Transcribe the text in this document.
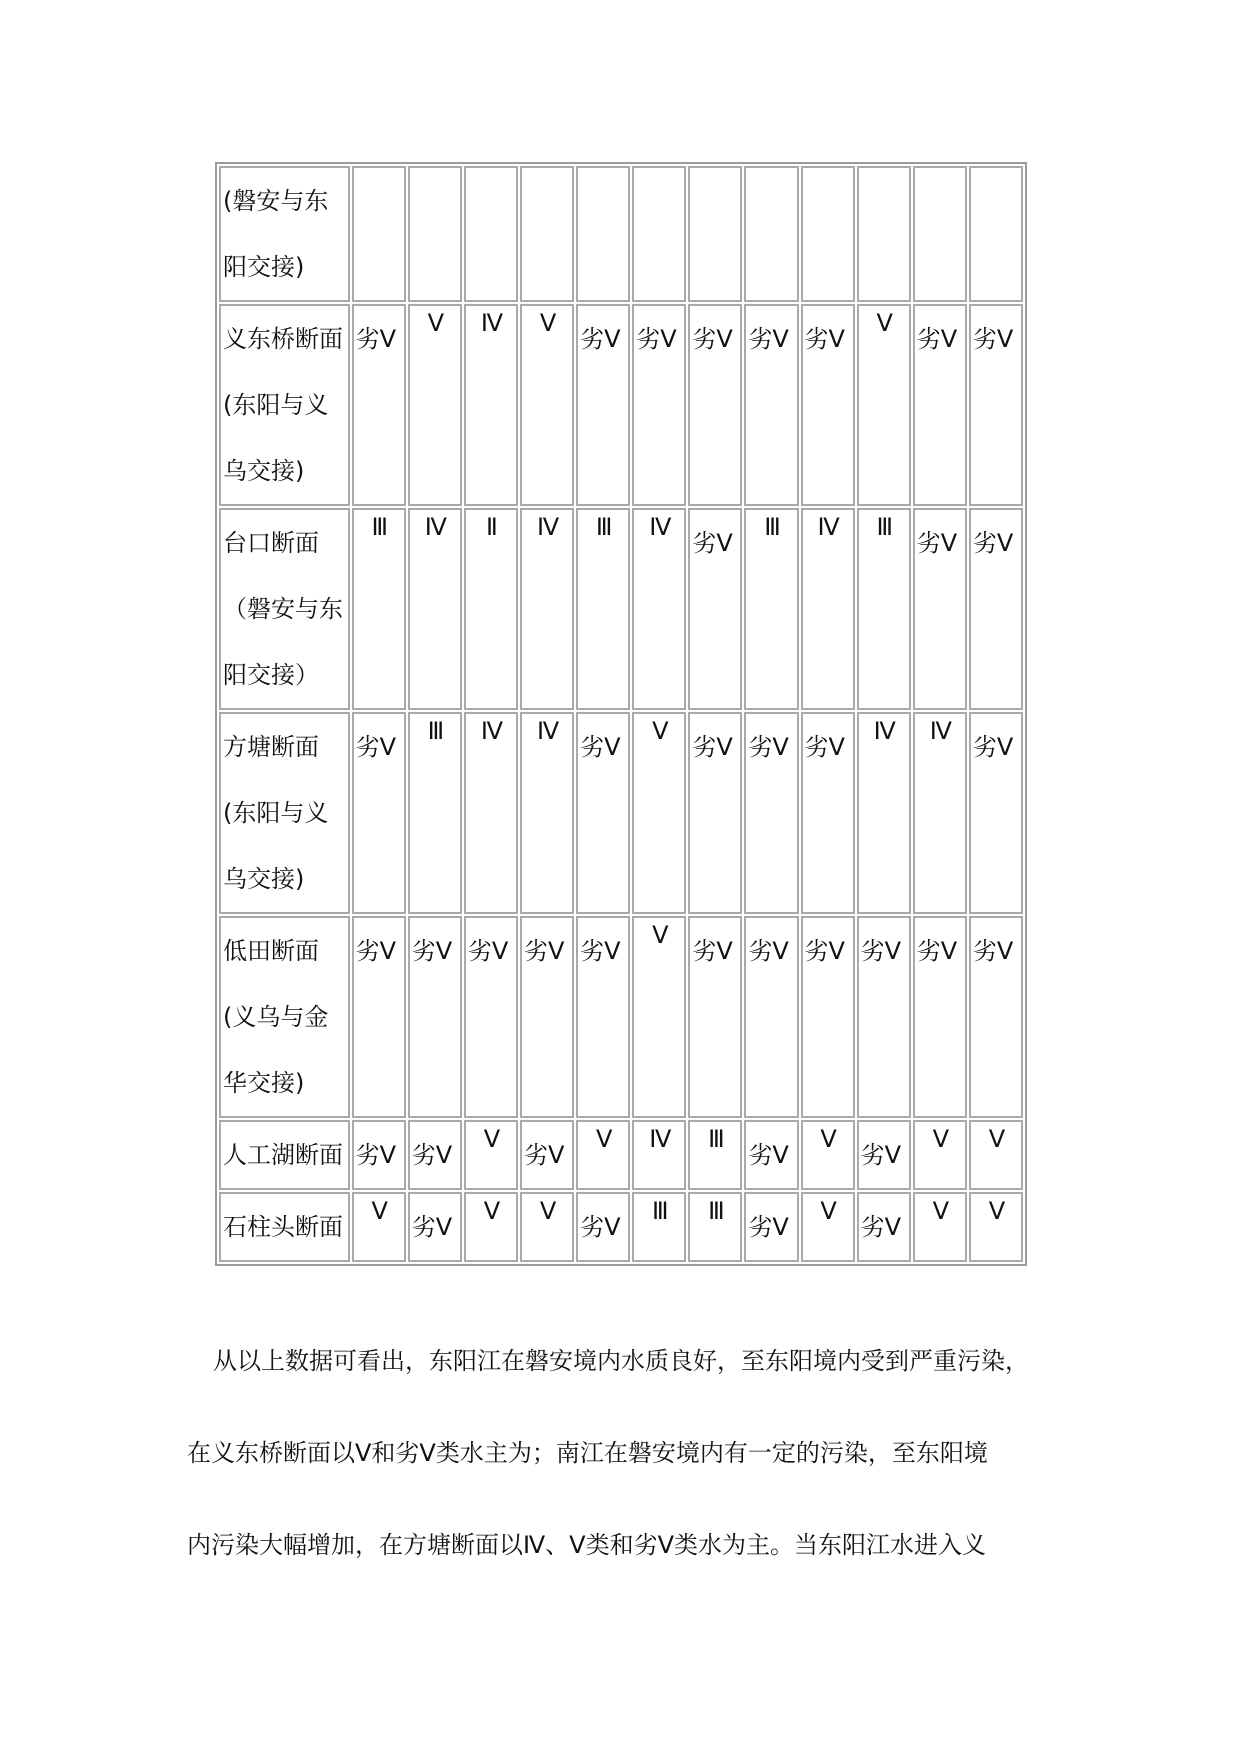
(磐安与东阳交接)	

义东桥断面(东阳与义乌交接)	劣Ⅴ	Ⅴ	Ⅳ	Ⅴ	劣Ⅴ	劣Ⅴ	劣Ⅴ	劣Ⅴ	劣Ⅴ	Ⅴ	劣Ⅴ	劣Ⅴ

台口断面（磐安与东阳交接）	Ⅲ	Ⅳ	Ⅱ	Ⅳ	Ⅲ	Ⅳ	劣Ⅴ	Ⅲ	Ⅳ	Ⅲ	劣Ⅴ	劣Ⅴ

方塘断面(东阳与义乌交接)	劣Ⅴ	Ⅲ	Ⅳ	Ⅳ	劣Ⅴ	Ⅴ	劣Ⅴ	劣Ⅴ	劣Ⅴ	Ⅳ	Ⅳ	劣Ⅴ

低田断面(义乌与金华交接)	劣Ⅴ	劣Ⅴ	劣Ⅴ	劣Ⅴ	劣Ⅴ	Ⅴ	劣Ⅴ	劣Ⅴ	劣Ⅴ	劣Ⅴ	劣Ⅴ	劣Ⅴ

人工湖断面	劣Ⅴ	劣Ⅴ	Ⅴ	劣Ⅴ	Ⅴ	Ⅳ	Ⅲ	劣Ⅴ	Ⅴ	劣Ⅴ	Ⅴ	Ⅴ

石柱头断面	Ⅴ	劣Ⅴ	Ⅴ	Ⅴ	劣Ⅴ	Ⅲ	Ⅲ	劣Ⅴ	Ⅴ	劣Ⅴ	Ⅴ	Ⅴ
从以上数据可看出，东阳江在磐安境内水质良好，至东阳境内受到严重污染，
在义东桥断面以Ⅴ和劣Ⅴ类水主为；南江在磐安境内有一定的污染，至东阳境
内污染大幅增加，在方塘断面以Ⅳ、Ⅴ类和劣Ⅴ类水为主。当东阳江水进入义
